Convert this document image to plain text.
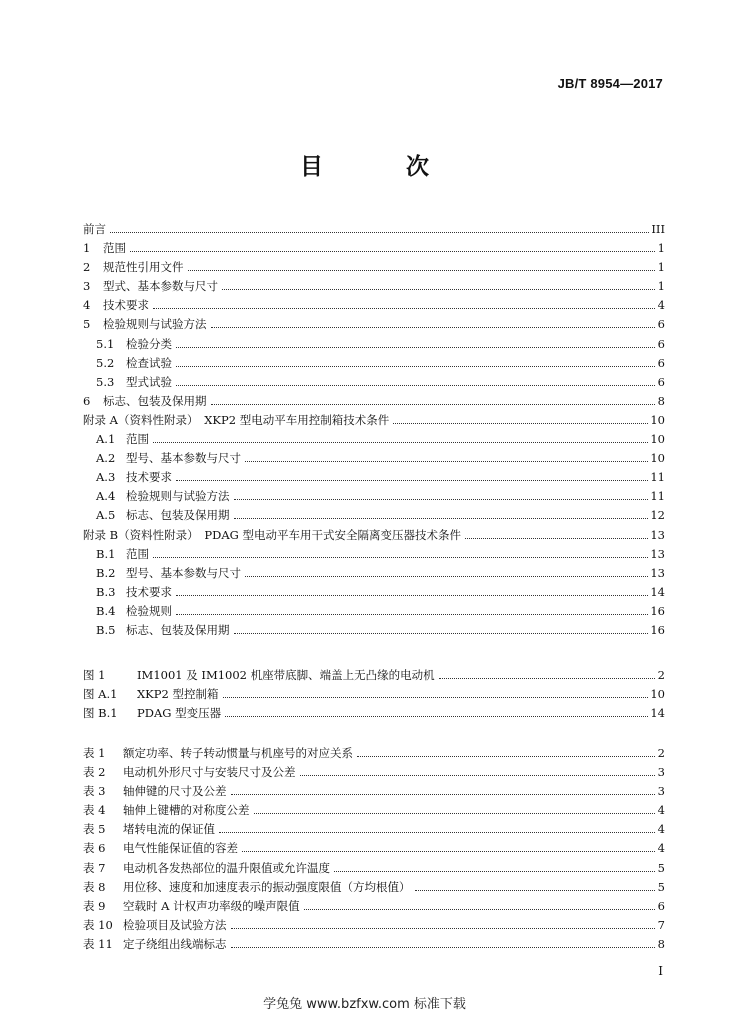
JB/T 8954—2017
目　次
前言	III
1	范围	1
2	规范性引用文件	1
3	型式、基本参数与尺寸	1
4	技术要求	4
5	检验规则与试验方法	6
5.1	检验分类	6
5.2	检查试验	6
5.3	型式试验	6
6	标志、包装及保用期	8
附录 A（资料性附录）　XKP2 型电动平车用控制箱技术条件	10
A.1 范围	10
A.2 型号、基本参数与尺寸	10
A.3 技术要求	11
A.4 检验规则与试验方法	11
A.5 标志、包装及保用期	12
附录 B（资料性附录）　PDAG 型电动平车用干式安全隔离变压器技术条件	13
B.1 范围	13
B.2 型号、基本参数与尺寸	13
B.3 技术要求	14
B.4 检验规则	16
B.5 标志、包装及保用期	16
图 1	IM1001 及 IM1002 机座带底脚、端盖上无凸缘的电动机	2
图 A.1	XKP2 型控制箱	10
图 B.1	PDAG 型变压器	14
表 1	额定功率、转子转动惯量与机座号的对应关系	2
表 2	电动机外形尺寸与安装尺寸及公差	3
表 3	轴伸键的尺寸及公差	3
表 4	轴伸上键槽的对称度公差	4
表 5	堵转电流的保证值	4
表 6	电气性能保证值的容差	4
表 7	电动机各发热部位的温升限值或允许温度	5
表 8	用位移、速度和加速度表示的振动强度限值（方均根值）	5
表 9	空载时 A 计权声功率级的噪声限值	6
表 10 检验项目及试验方法	7
表 11 定子绕组出线端标志	8
I
学兔兔 www.bzfxw.com 标准下载
